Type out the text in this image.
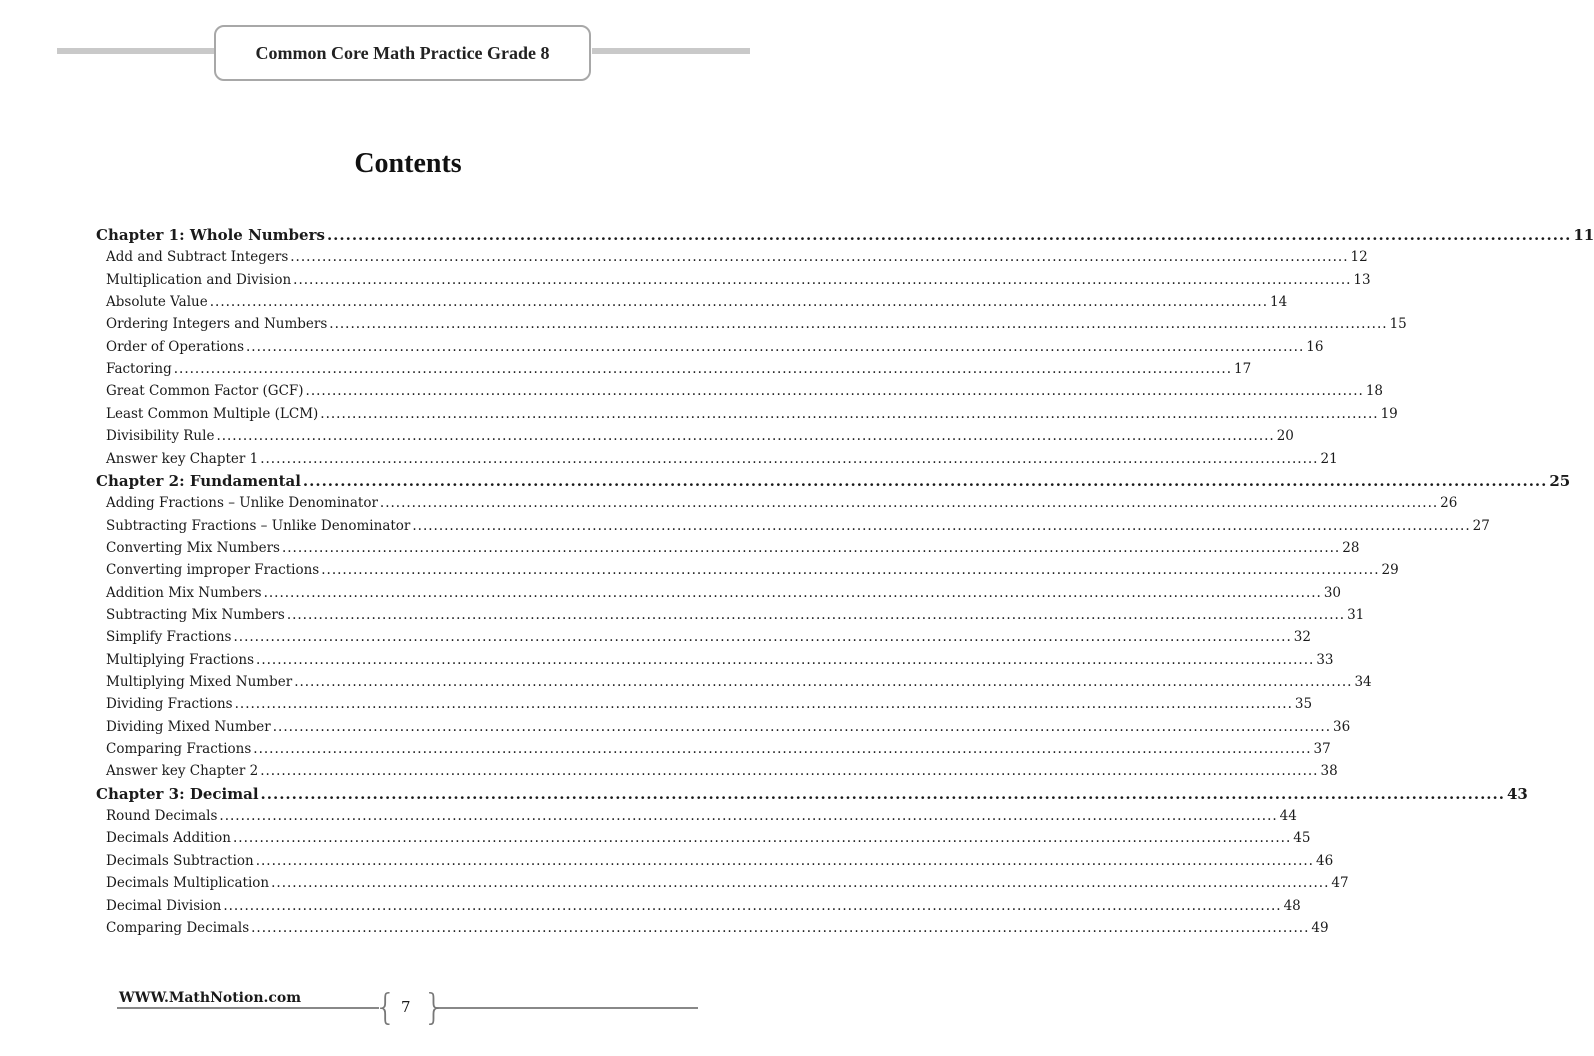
Common Core Math Practice Grade 8
Contents
Chapter 1: Whole Numbers ........................................................................................................................................................................................................ 11
Add and Subtract Integers ........................................................................................................................................................................................................ 12
Multiplication and Division ........................................................................................................................................................................................................ 13
Absolute Value ........................................................................................................................................................................................................ 14
Ordering Integers and Numbers ........................................................................................................................................................................................................ 15
Order of Operations ........................................................................................................................................................................................................ 16
Factoring ........................................................................................................................................................................................................ 17
Great Common Factor (GCF) ........................................................................................................................................................................................................ 18
Least Common Multiple (LCM) ........................................................................................................................................................................................................ 19
Divisibility Rule ........................................................................................................................................................................................................ 20
Answer key Chapter 1 ........................................................................................................................................................................................................ 21
Chapter 2: Fundamental ........................................................................................................................................................................................................ 25
Adding Fractions – Unlike Denominator ........................................................................................................................................................................................................ 26
Subtracting Fractions – Unlike Denominator ........................................................................................................................................................................................................ 27
Converting Mix Numbers ........................................................................................................................................................................................................ 28
Converting improper Fractions ........................................................................................................................................................................................................ 29
Addition Mix Numbers ........................................................................................................................................................................................................ 30
Subtracting Mix Numbers ........................................................................................................................................................................................................ 31
Simplify Fractions ........................................................................................................................................................................................................ 32
Multiplying Fractions ........................................................................................................................................................................................................ 33
Multiplying Mixed Number ........................................................................................................................................................................................................ 34
Dividing Fractions ........................................................................................................................................................................................................ 35
Dividing Mixed Number ........................................................................................................................................................................................................ 36
Comparing Fractions ........................................................................................................................................................................................................ 37
Answer key Chapter 2 ........................................................................................................................................................................................................ 38
Chapter 3: Decimal ........................................................................................................................................................................................................ 43
Round Decimals ........................................................................................................................................................................................................ 44
Decimals Addition ........................................................................................................................................................................................................ 45
Decimals Subtraction ........................................................................................................................................................................................................ 46
Decimals Multiplication ........................................................................................................................................................................................................ 47
Decimal Division ........................................................................................................................................................................................................ 48
Comparing Decimals ........................................................................................................................................................................................................ 49
WWW.MathNotion.com { }
7
